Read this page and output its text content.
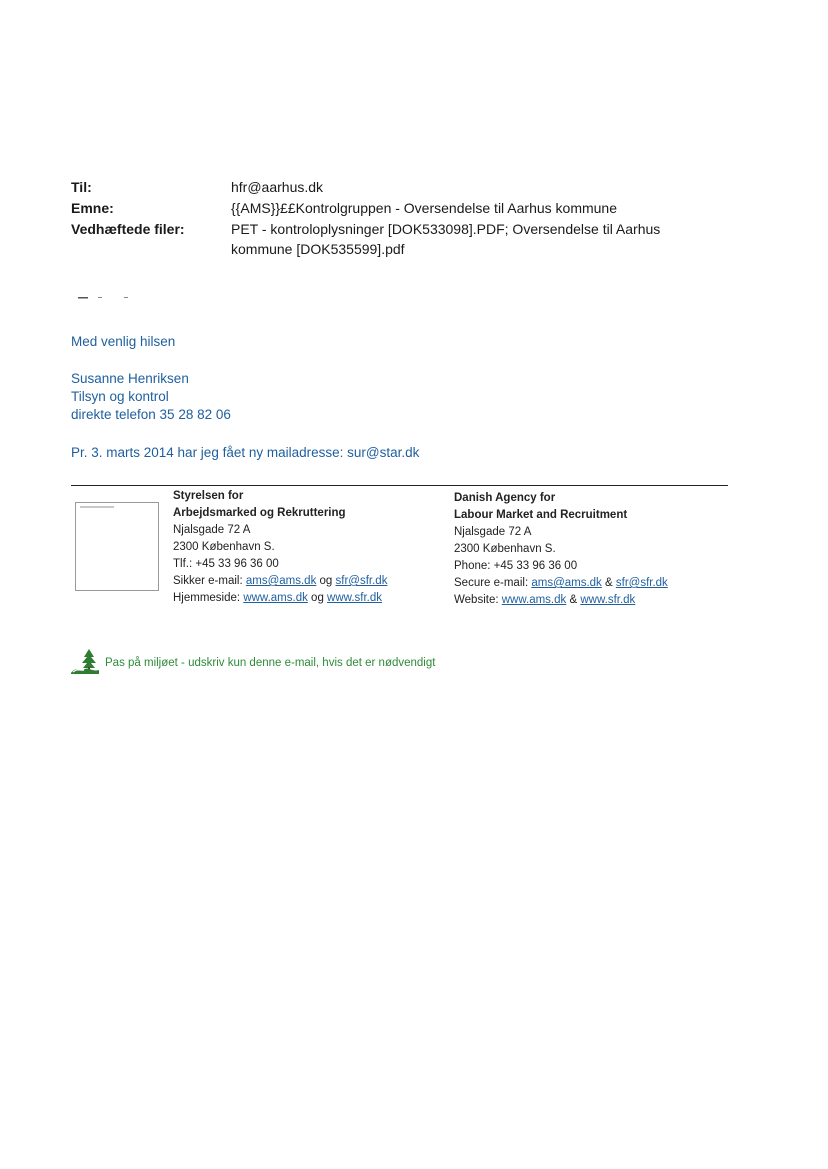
Til:	hfr@aarhus.dk
Emne:	{{AMS}}££Kontrolgruppen - Oversendelse til Aarhus kommune
Vedhæftede filer:	PET - kontroloplysninger [DOK533098].PDF; Oversendelse til Aarhus
kommune [DOK535599].pdf
Med venlig hilsen
Susanne Henriksen
Tilsyn og kontrol
direkte telefon 35 28 82 06
Pr. 3. marts 2014 har jeg fået ny mailadresse: sur@star.dk
Styrelsen for
Arbejdsmarked og Rekruttering
Njalsgade 72 A
2300 København S.
Tlf.: +45 33 96 36 00
Sikker e-mail: ams@ams.dk og sfr@sfr.dk
Hjemmeside: www.ams.dk og www.sfr.dk
Danish Agency for
Labour Market and Recruitment
Njalsgade 72 A
2300 København S.
Phone: +45 33 96 36 00
Secure e-mail: ams@ams.dk & sfr@sfr.dk
Website: www.ams.dk & www.sfr.dk
Pas på miljøet - udskriv kun denne e-mail, hvis det er nødvendigt
